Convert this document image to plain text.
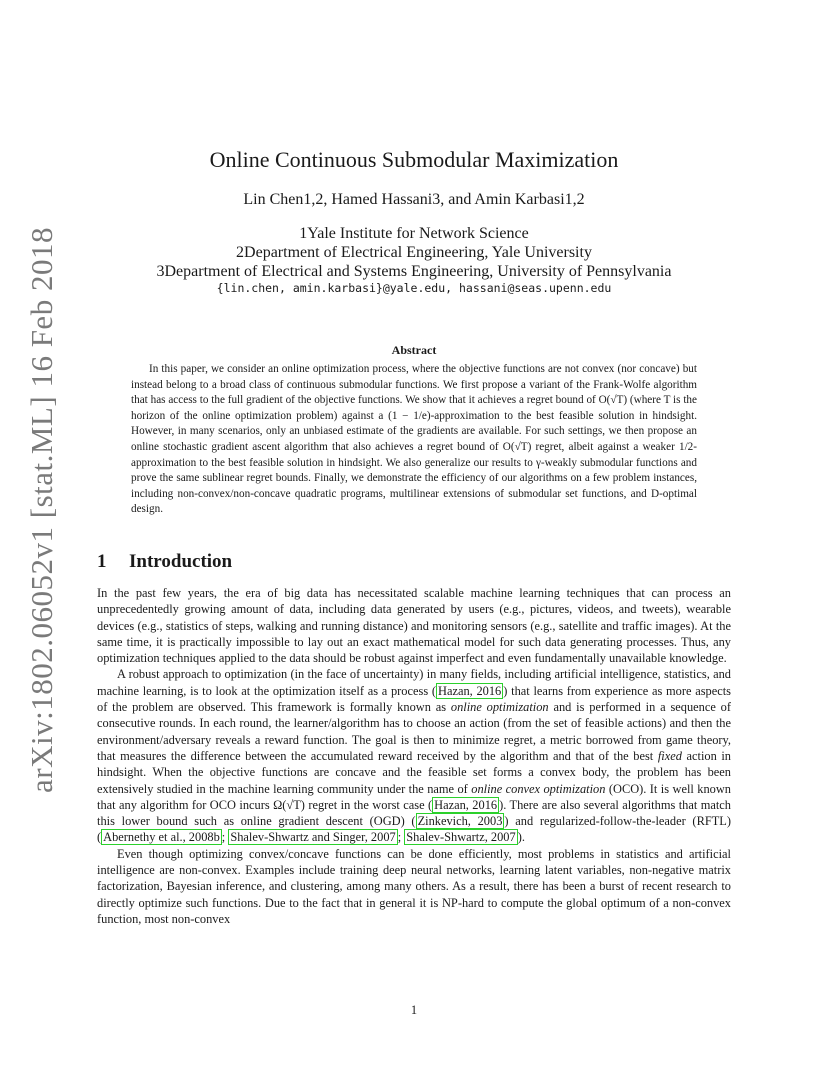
arXiv:1802.06052v1 [stat.ML] 16 Feb 2018
Online Continuous Submodular Maximization
Lin Chen1,2, Hamed Hassani3, and Amin Karbasi1,2
1Yale Institute for Network Science
2Department of Electrical Engineering, Yale University
3Department of Electrical and Systems Engineering, University of Pennsylvania
{lin.chen, amin.karbasi}@yale.edu, hassani@seas.upenn.edu
Abstract

In this paper, we consider an online optimization process, where the objective functions are not convex (nor concave) but instead belong to a broad class of continuous submodular functions. We first propose a variant of the Frank-Wolfe algorithm that has access to the full gradient of the objective functions. We show that it achieves a regret bound of O(√T) (where T is the horizon of the online optimization problem) against a (1 − 1/e)-approximation to the best feasible solution in hindsight. However, in many scenarios, only an unbiased estimate of the gradients are available. For such settings, we then propose an online stochastic gradient ascent algorithm that also achieves a regret bound of O(√T) regret, albeit against a weaker 1/2-approximation to the best feasible solution in hindsight. We also generalize our results to γ-weakly submodular functions and prove the same sublinear regret bounds. Finally, we demonstrate the efficiency of our algorithms on a few problem instances, including non-convex/non-concave quadratic programs, multilinear extensions of submodular set functions, and D-optimal design.

1 Introduction

In the past few years, the era of big data has necessitated scalable machine learning techniques that can process an unprecedentedly growing amount of data, including data generated by users (e.g., pictures, videos, and tweets), wearable devices (e.g., statistics of steps, walking and running distance) and monitoring sensors (e.g., satellite and traffic images). At the same time, it is practically impossible to lay out an exact mathematical model for such data generating processes. Thus, any optimization techniques applied to the data should be robust against imperfect and even fundamentally unavailable knowledge.

A robust approach to optimization (in the face of uncertainty) in many fields, including artificial intelligence, statistics, and machine learning, is to look at the optimization itself as a process ( Hazan, 2016 ) that learns from experience as more aspects of the problem are observed. This framework is formally known as online optimization and is performed in a sequence of consecutive rounds. In each round, the learner/algorithm has to choose an action (from the set of feasible actions) and then the environment/adversary reveals a reward function. The goal is then to minimize regret, a metric borrowed from game theory, that measures the difference between the accumulated reward received by the algorithm and that of the best fixed action in hindsight. When the objective functions are concave and the feasible set forms a convex body, the problem has been extensively studied in the machine learning community under the name of online convex optimization (OCO). It is well known that any algorithm for OCO incurs Ω(√T) regret in the worst case ( Hazan, 2016 ). There are also several algorithms that match this lower bound such as online gradient descent (OGD) ( Zinkevich, 2003 ) and regularized-follow-the-leader (RFTL) ( Abernethy et al., 2008b ; Shalev-Shwartz and Singer, 2007 ; Shalev-Shwartz, 2007 ).

Even though optimizing convex/concave functions can be done efficiently, most problems in statistics and artificial intelligence are non-convex. Examples include training deep neural networks, learning latent variables, non-negative matrix factorization, Bayesian inference, and clustering, among many others. As a result, there has been a burst of recent research to directly optimize such functions. Due to the fact that in general it is NP-hard to compute the global optimum of a non-convex function, most non-convex

1
